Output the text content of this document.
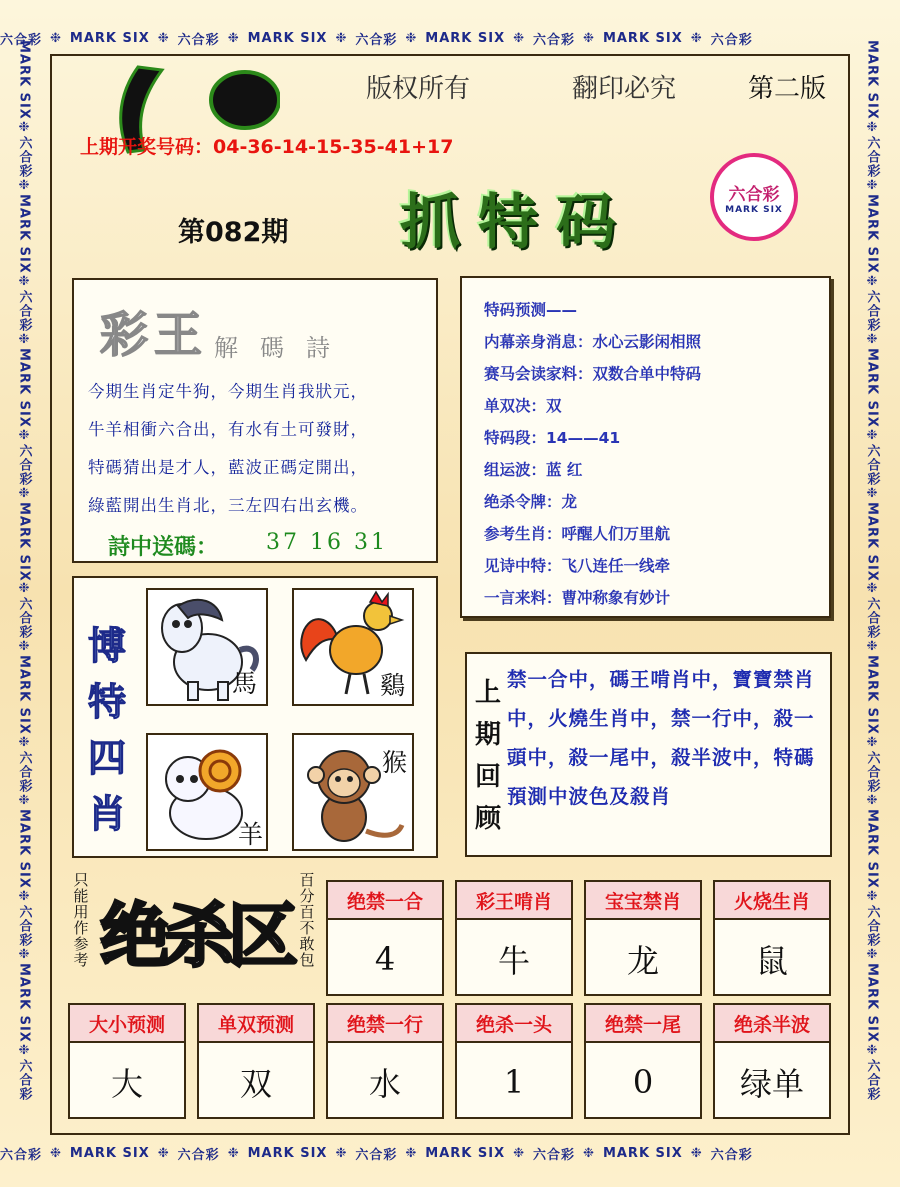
六合彩 ❉ MARK SIX ❉ 六合彩 ❉ MARK SIX ❉ 六合彩 ❉ MARK SIX ❉ 六合彩 ❉ MARK SIX ❉ 六合彩
六合彩 ❉ MARK SIX ❉ 六合彩 ❉ MARK SIX ❉ 六合彩 ❉ MARK SIX ❉ 六合彩 ❉ MARK SIX ❉ 六合彩
MARK SIX
❉
六合彩
❉
MARK SIX
❉
六合彩
❉
MARK SIX
❉
六合彩
❉
MARK SIX
❉
六合彩
❉
MARK SIX
❉
六合彩
❉
MARK SIX
❉
六合彩
❉
MARK SIX
❉
六合彩
MARK SIX
❉
六合彩
❉
MARK SIX
❉
六合彩
❉
MARK SIX
❉
六合彩
❉
MARK SIX
❉
六合彩
❉
MARK SIX
❉
六合彩
❉
MARK SIX
❉
六合彩
❉
MARK SIX
❉
六合彩
版权所有	翻印必究	第二版
上期开奖号码：04-36-14-15-35-41+17
第082期 抓特码	六合彩
MARK SIX
彩王 解碼詩
今期生肖定牛狗，今期生肖我狀元，
牛羊相衝六合出，有水有土可發財，
特碼猜出是才人，藍波正碼定開出，
綠藍開出生肖北，三左四右出玄機。
詩中送碼： 37 16 31
特码预测——
内幕亲身消息：水心云影闲相照
赛马会读家料：双数合单中特码
单双决：双
特码段：14——41
组运波：蓝 红
绝杀令牌：龙
参考生肖：呼醒人们万里航
见诗中特：飞八连任一线牵
一言来料：曹冲称象有妙计
博特四肖
馬	鷄
羊
猴
上期回顾
禁一合中，碼王啃肖中，寶寶禁肖中，火燒生肖中，禁一行中，殺一頭中，殺一尾中，殺半波中，特碼預測中波色及殺肖
只能用作参考 绝杀区
百分百不敢包
绝禁一合
4
彩王啃肖
牛
宝宝禁肖
龙
火烧生肖
鼠
大小预测
大
单双预测
双
绝禁一行
水
绝杀一头
1
绝禁一尾
0
绝杀半波
绿单
